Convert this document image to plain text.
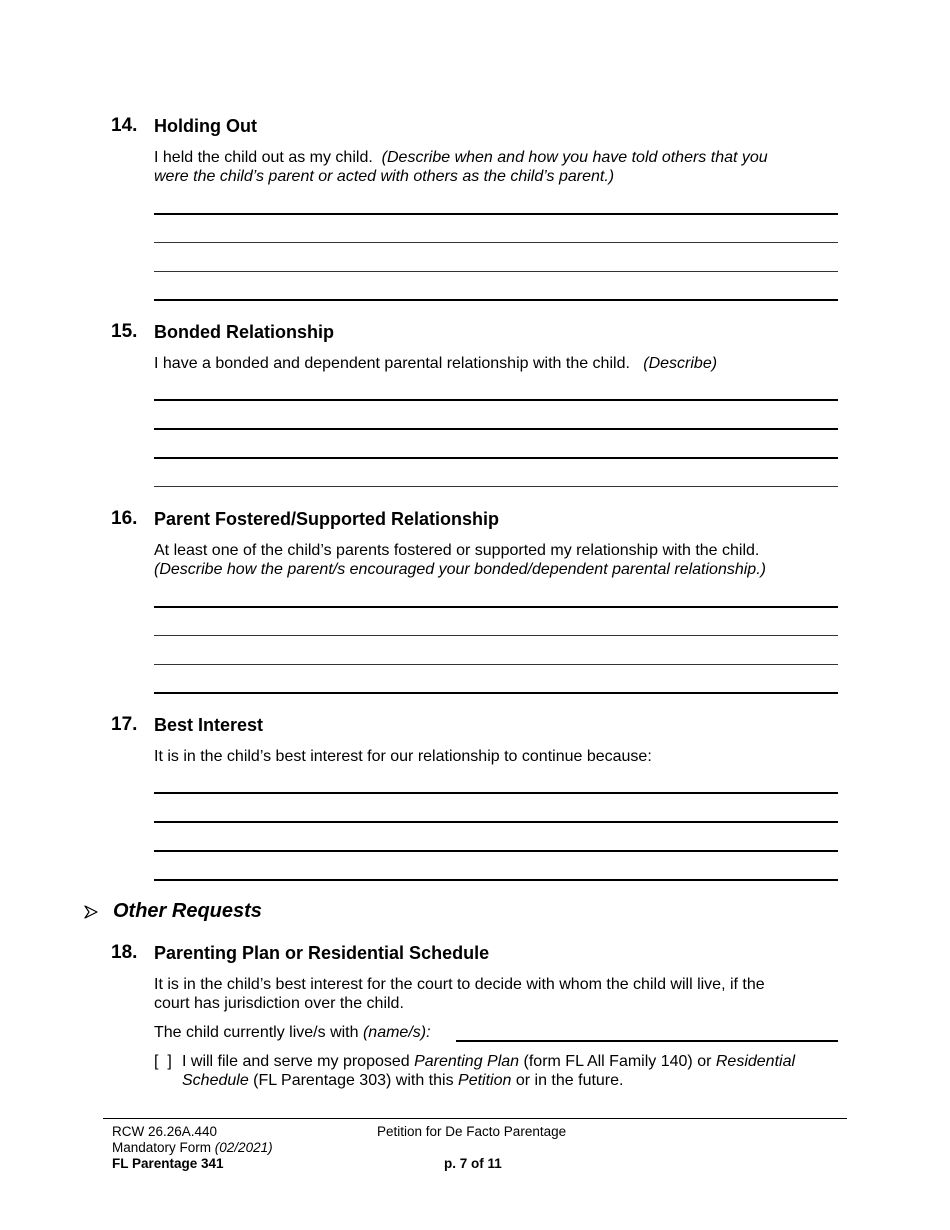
14. Holding Out
I held the child out as my child. (Describe when and how you have told others that you
were the child’s parent or acted with others as the child’s parent.)
15. Bonded Relationship
I have a bonded and dependent parental relationship with the child. (Describe)
16. Parent Fostered/Supported Relationship
At least one of the child’s parents fostered or supported my relationship with the child.
(Describe how the parent/s encouraged your bonded/dependent parental relationship.)
17. Best Interest
It is in the child’s best interest for our relationship to continue because:
Other Requests
18. Parenting Plan or Residential Schedule
It is in the child’s best interest for the court to decide with whom the child will live, if the
court has jurisdiction over the child.
The child currently live/s with (name/s):
[  ] I will file and serve my proposed Parenting Plan (form FL All Family 140) or Residential
Schedule (FL Parentage 303) with this Petition or in the future.
RCW 26.26A.440
Mandatory Form (02/2021)
FL Parentage 341
Petition for De Facto Parentage
p. 7 of 11
